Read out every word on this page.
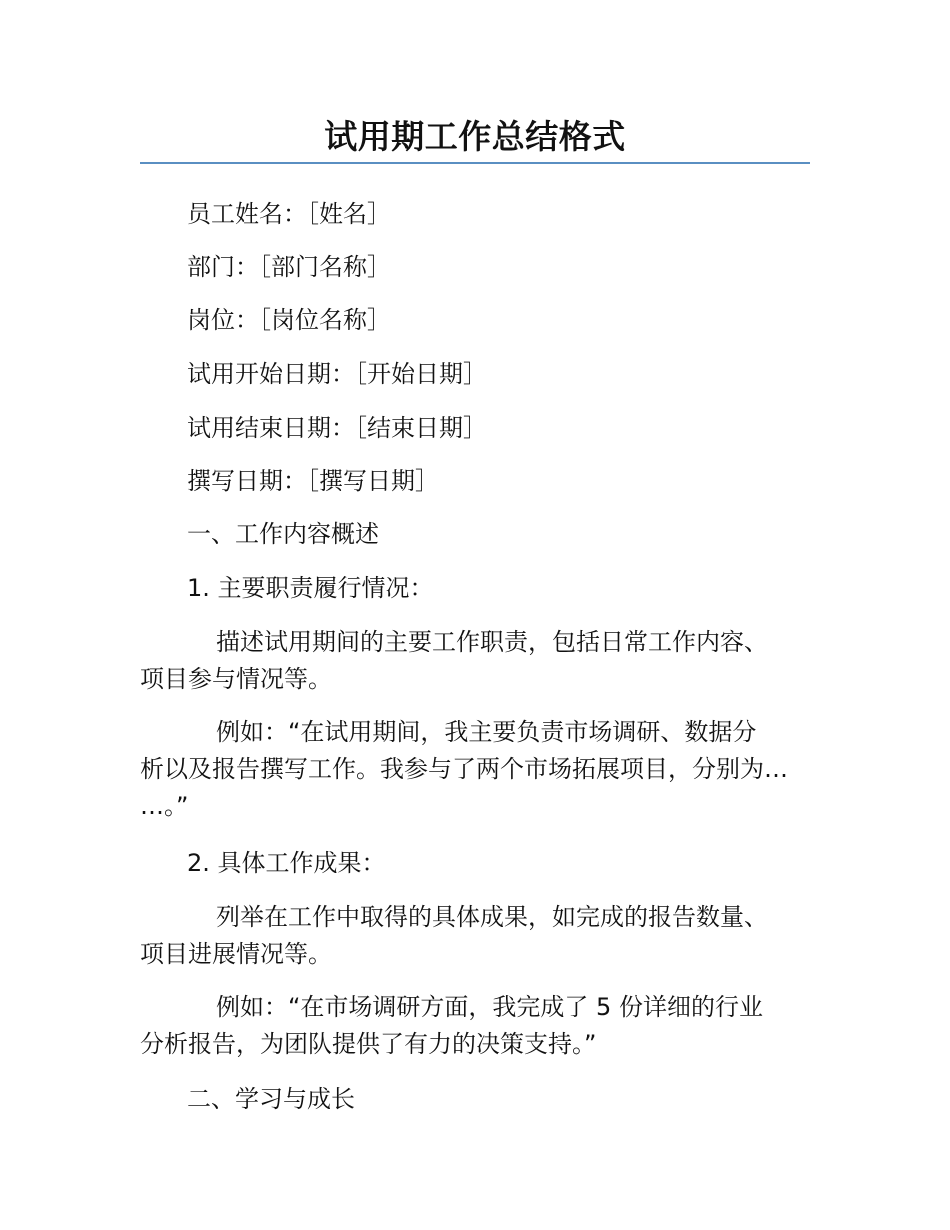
试用期工作总结格式
员工姓名：［姓名］
部门：［部门名称］
岗位：［岗位名称］
试用开始日期：［开始日期］
试用结束日期：［结束日期］
撰写日期：［撰写日期］
一、工作内容概述
1. 主要职责履行情况：
描述试用期间的主要工作职责，包括日常工作内容、
项目参与情况等。
例如：“在试用期间，我主要负责市场调研、数据分
析以及报告撰写工作。我参与了两个市场拓展项目，分别为…
…。”
2. 具体工作成果：
列举在工作中取得的具体成果，如完成的报告数量、
项目进展情况等。
例如：“在市场调研方面，我完成了 5 份详细的行业
分析报告，为团队提供了有力的决策支持。”
二、学习与成长
